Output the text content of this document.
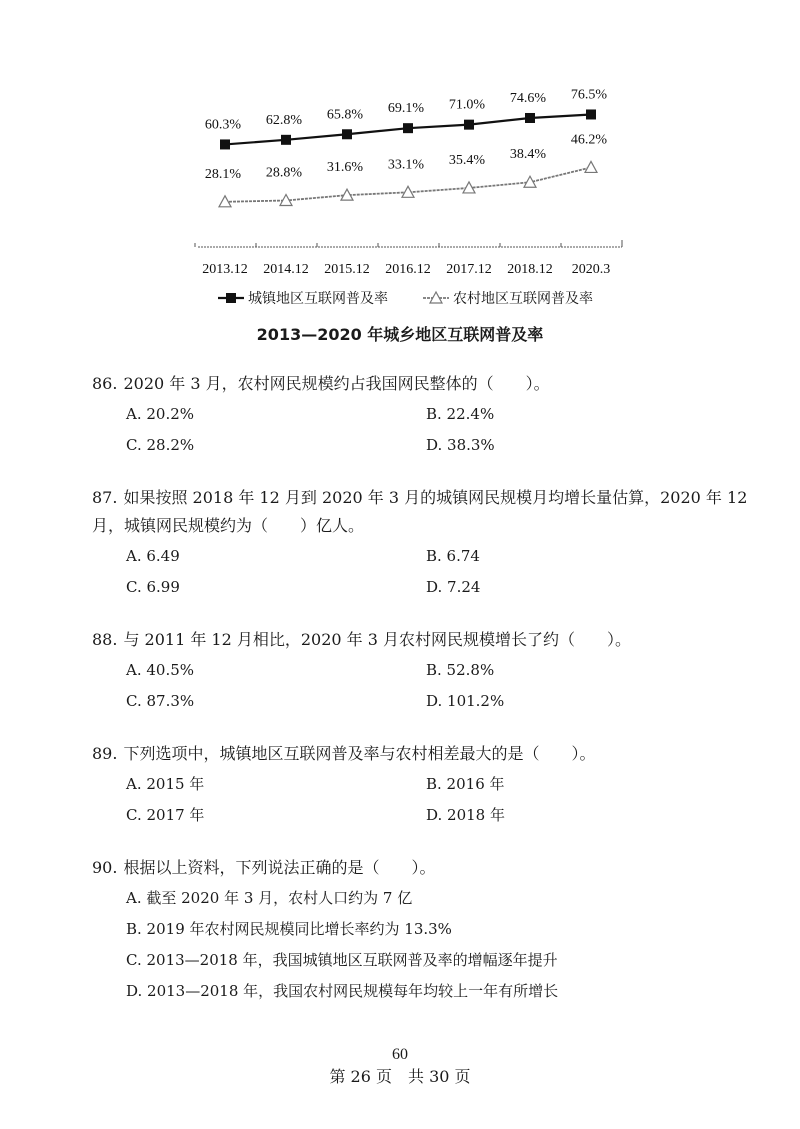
60.3% 62.8% 65.8% 69.1% 71.0% 74.6% 76.5%
28.1% 28.8% 31.6% 33.1% 35.4% 38.4%
46.2%
2013.12 2014.12 2015.12 2016.12 2017.12 2018.12 2020.3
城镇地区互联网普及率	农村地区互联网普及率
2013—2020 年城乡地区互联网普及率
86. 2020 年 3 月，农村网民规模约占我国网民整体的（　　）。
A. 20.2%	B. 22.4%
C. 28.2%	D. 38.3%
87. 如果按照 2018 年 12 月到 2020 年 3 月的城镇网民规模月均增长量估算，2020 年 12 月，城镇网民规模约为（　　）亿人。
A. 6.49	B. 6.74
C. 6.99	D. 7.24
88. 与 2011 年 12 月相比，2020 年 3 月农村网民规模增长了约（　　）。
A. 40.5%	B. 52.8%
C. 87.3%	D. 101.2%
89. 下列选项中，城镇地区互联网普及率与农村相差最大的是（　　）。
A. 2015 年	B. 2016 年
C. 2017 年	D. 2018 年
90. 根据以上资料，下列说法正确的是（　　）。
A. 截至 2020 年 3 月，农村人口约为 7 亿
B. 2019 年农村网民规模同比增长率约为 13.3%
C. 2013—2018 年，我国城镇地区互联网普及率的增幅逐年提升
D. 2013—2018 年，我国农村网民规模每年均较上一年有所增长
60
第 26 页　共 30 页
